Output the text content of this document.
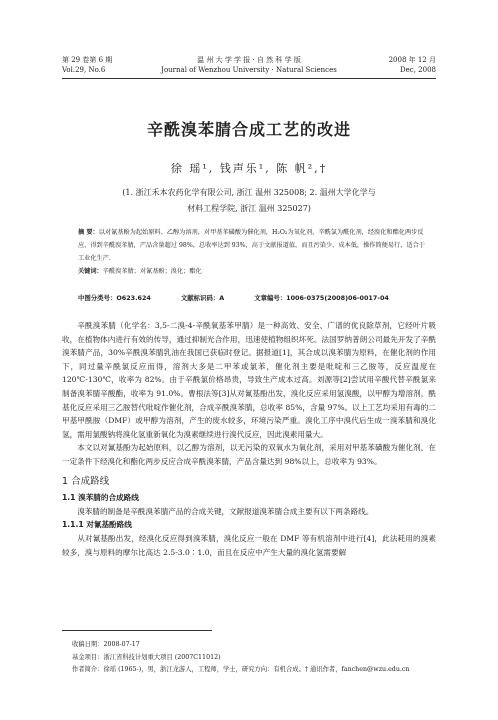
第 29 卷第 6 期	温 州 大 学 学 报 · 自 然 科 学 版	2008 年 12 月
Vol.29, No.6	Journal of Wenzhou University · Natural Sciences	Dec, 2008
辛酰溴苯腈合成工艺的改进
徐 瑶¹, 钱声乐¹, 陈 帆²,†
(1. 浙江禾本农药化学有限公司, 浙江 温州 325008; 2. 温州大学化学与
材料工程学院, 浙江 温州 325027)
摘 要：以对氰基酚为起始原料、乙醇为溶剂，对甲基苯磺酸为催化剂，H₂O₂为氧化剂，辛酰氯为酰化剂，经溴化和酯化两步反应，得到辛酰溴苯腈，产品含量超过 98%，总收率达到 93%，高于文献报道值，而且污染少、成本低，操作简便易行，适合于工业化生产.
关键词：辛酰溴苯腈；对氰基酚；溴化；酯化
中图分类号：O623.624	文献标识码：A	文章编号：1006-0375(2008)06-0017-04

辛酰溴苯腈（化学名：3,5-二溴-4-辛酰氧基苯甲腈）是一种高效、安全、广谱的优良除草剂，它经叶片吸收，在植物体内进行有效的传导，通过抑制光合作用，迅速使植物组织坏死。法国罗纳普朗公司最先开发了辛酰溴苯腈产品，30%辛酰溴苯腈乳油在我国已获临时登记。据报道[1]，其合成以溴苯腈为原料，在催化剂的作用下，同过量辛酰氯反应而得，溶剂大多是二甲苯或氯苯，催化剂主要是吡啶和三乙胺等，反应温度在 120℃-130℃，收率为 82%。由于辛酰氯价格昂贵，导致生产成本过高。刘源等[2]尝试用辛酸代替辛酰氯来制备溴苯腈辛酸酯，收率为 91.0%。曹根法等[3]从对氰基酚出发，溴化反应采用氢溴酸，以甲醇为增溶剂，酰基化反应采用三乙胺替代吡啶作催化剂，合成辛酰溴苯腈，总收率 85%，含量 97%。以上工艺均采用有毒的二甲基甲酰胺（DMF）或甲醇为溶剂，产生的废水较多，环境污染严重。溴化工序中溴代后生成一溴苯腈和溴化氢，需用氯酸钠将溴化氢重新氧化为溴素继续进行溴代反应，因此溴素用量大。

本文以对氰基酚为起始原料，以乙醇为溶剂，以无污染的双氧水为氧化剂，采用对甲基苯磺酸为催化剂，在一定条件下经溴化和酯化两步反应合成辛酰溴苯腈，产品含量达到 98%以上，总收率为 93%。

1 合成路线
1.1 溴苯腈的合成路线

溴苯腈的制备是辛酰溴苯腈产品的合成关键，文献报道溴苯腈合成主要有以下两条路线。

1.1.1 对氰基酚路线

从对氰基酚出发，经溴化反应得到溴苯腈，溴化反应一般在 DMF 等有机溶剂中进行[4]，此法耗用的溴素较多，溴与原料的摩尔比高达 2.5-3.0∶1.0，而且在反应中产生大量的溴化氢需要解

收稿日期：2008-07-17
基金项目：浙江省科技计划重大项目 (2007C11012)
作者简介：徐瑶 (1965-)，男，浙江龙游人，工程师，学士，研究方向：有机合成。† 通讯作者，fanchen@wzu.edu.cn
